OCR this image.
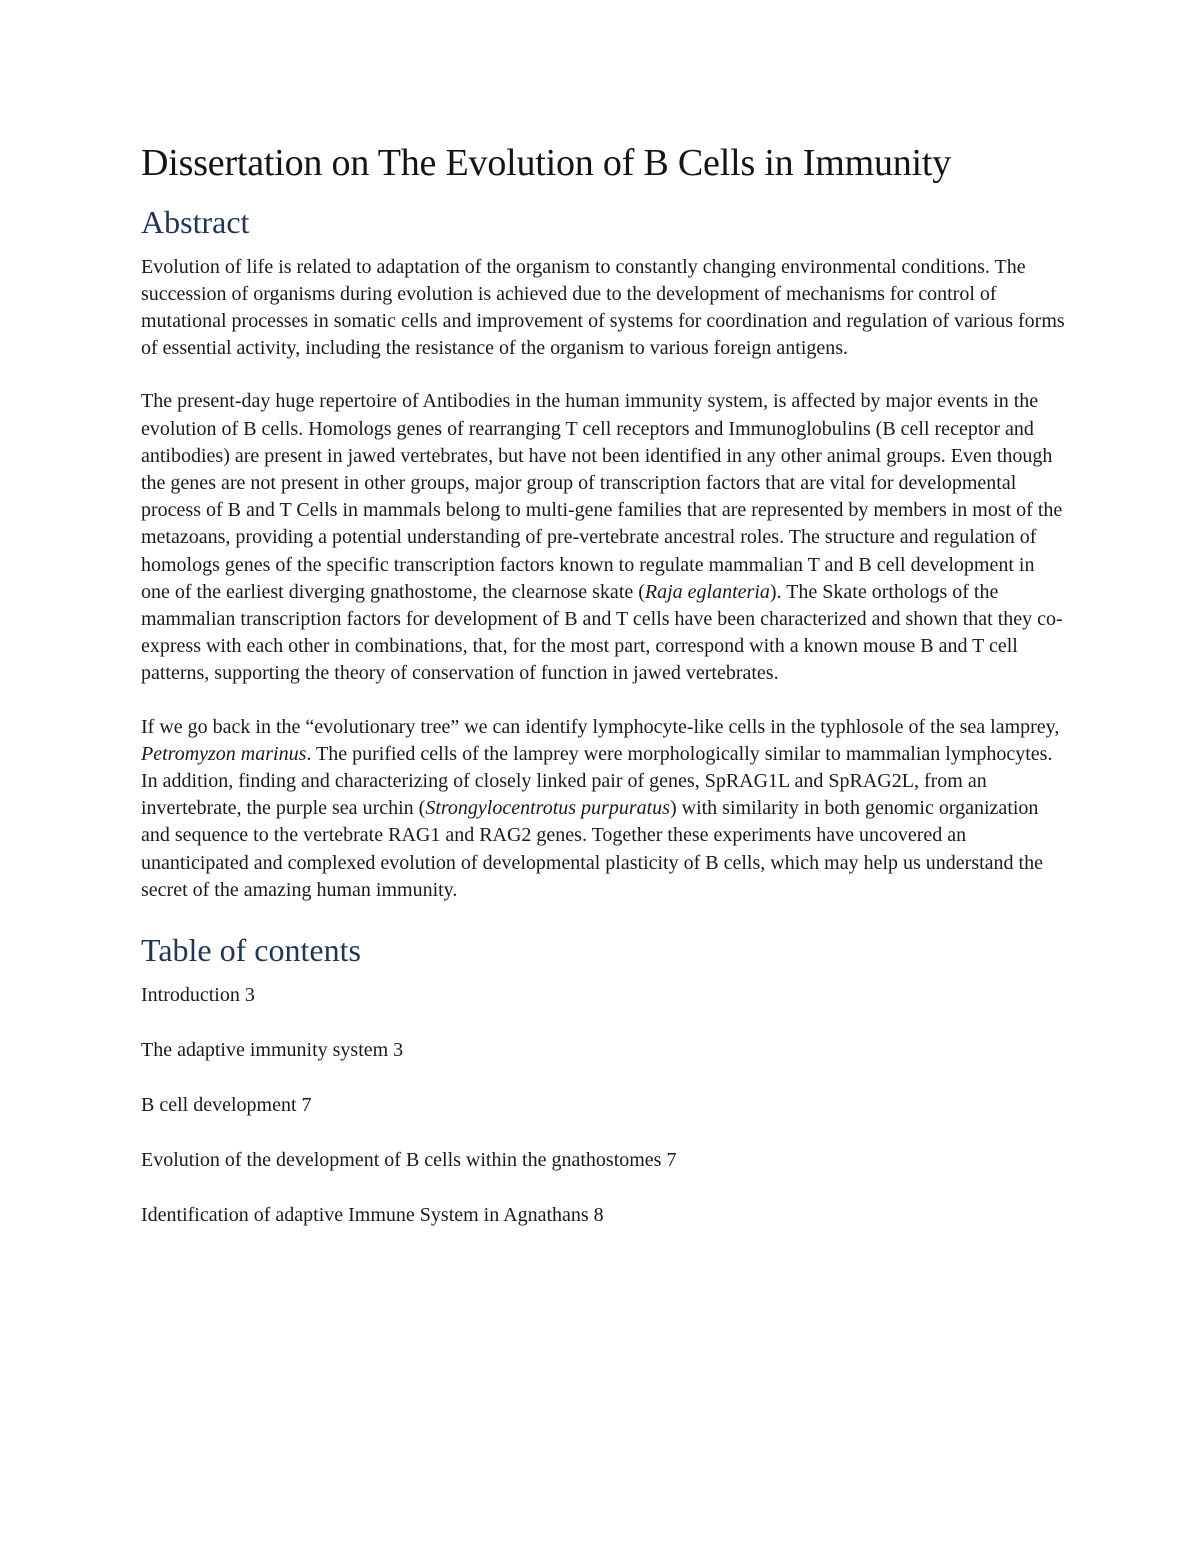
Dissertation on The Evolution of B Cells in Immunity
Abstract

Evolution of life is related to adaptation of the organism to constantly changing environmental conditions. The succession of organisms during evolution is achieved due to the development of mechanisms for control of mutational processes in somatic cells and improvement of systems for coordination and regulation of various forms of essential activity, including the resistance of the organism to various foreign antigens.

The present-day huge repertoire of Antibodies in the human immunity system, is affected by major events in the evolution of B cells. Homologs genes of rearranging T cell receptors and Immunoglobulins (B cell receptor and antibodies) are present in jawed vertebrates, but have not been identified in any other animal groups. Even though the genes are not present in other groups, major group of transcription factors that are vital for developmental process of B and T Cells in mammals belong to multi-gene families that are represented by members in most of the metazoans, providing a potential understanding of pre-vertebrate ancestral roles. The structure and regulation of homologs genes of the specific transcription factors known to regulate mammalian T and B cell development in one of the earliest diverging gnathostome, the clearnose skate (Raja eglanteria). The Skate orthologs of the mammalian transcription factors for development of B and T cells have been characterized and shown that they co-express with each other in combinations, that, for the most part, correspond with a known mouse B and T cell patterns, supporting the theory of conservation of function in jawed vertebrates.

If we go back in the “evolutionary tree” we can identify lymphocyte-like cells in the typhlosole of the sea lamprey, Petromyzon marinus. The purified cells of the lamprey were morphologically similar to mammalian lymphocytes. In addition, finding and characterizing of closely linked pair of genes, SpRAG1L and SpRAG2L, from an invertebrate, the purple sea urchin (Strongylocentrotus purpuratus) with similarity in both genomic organization and sequence to the vertebrate RAG1 and RAG2 genes. Together these experiments have uncovered an unanticipated and complexed evolution of developmental plasticity of B cells, which may help us understand the secret of the amazing human immunity.

Table of contents
Introduction 3
The adaptive immunity system 3
B cell development 7
Evolution of the development of B cells within the gnathostomes 7
Identification of adaptive Immune System in Agnathans 8
